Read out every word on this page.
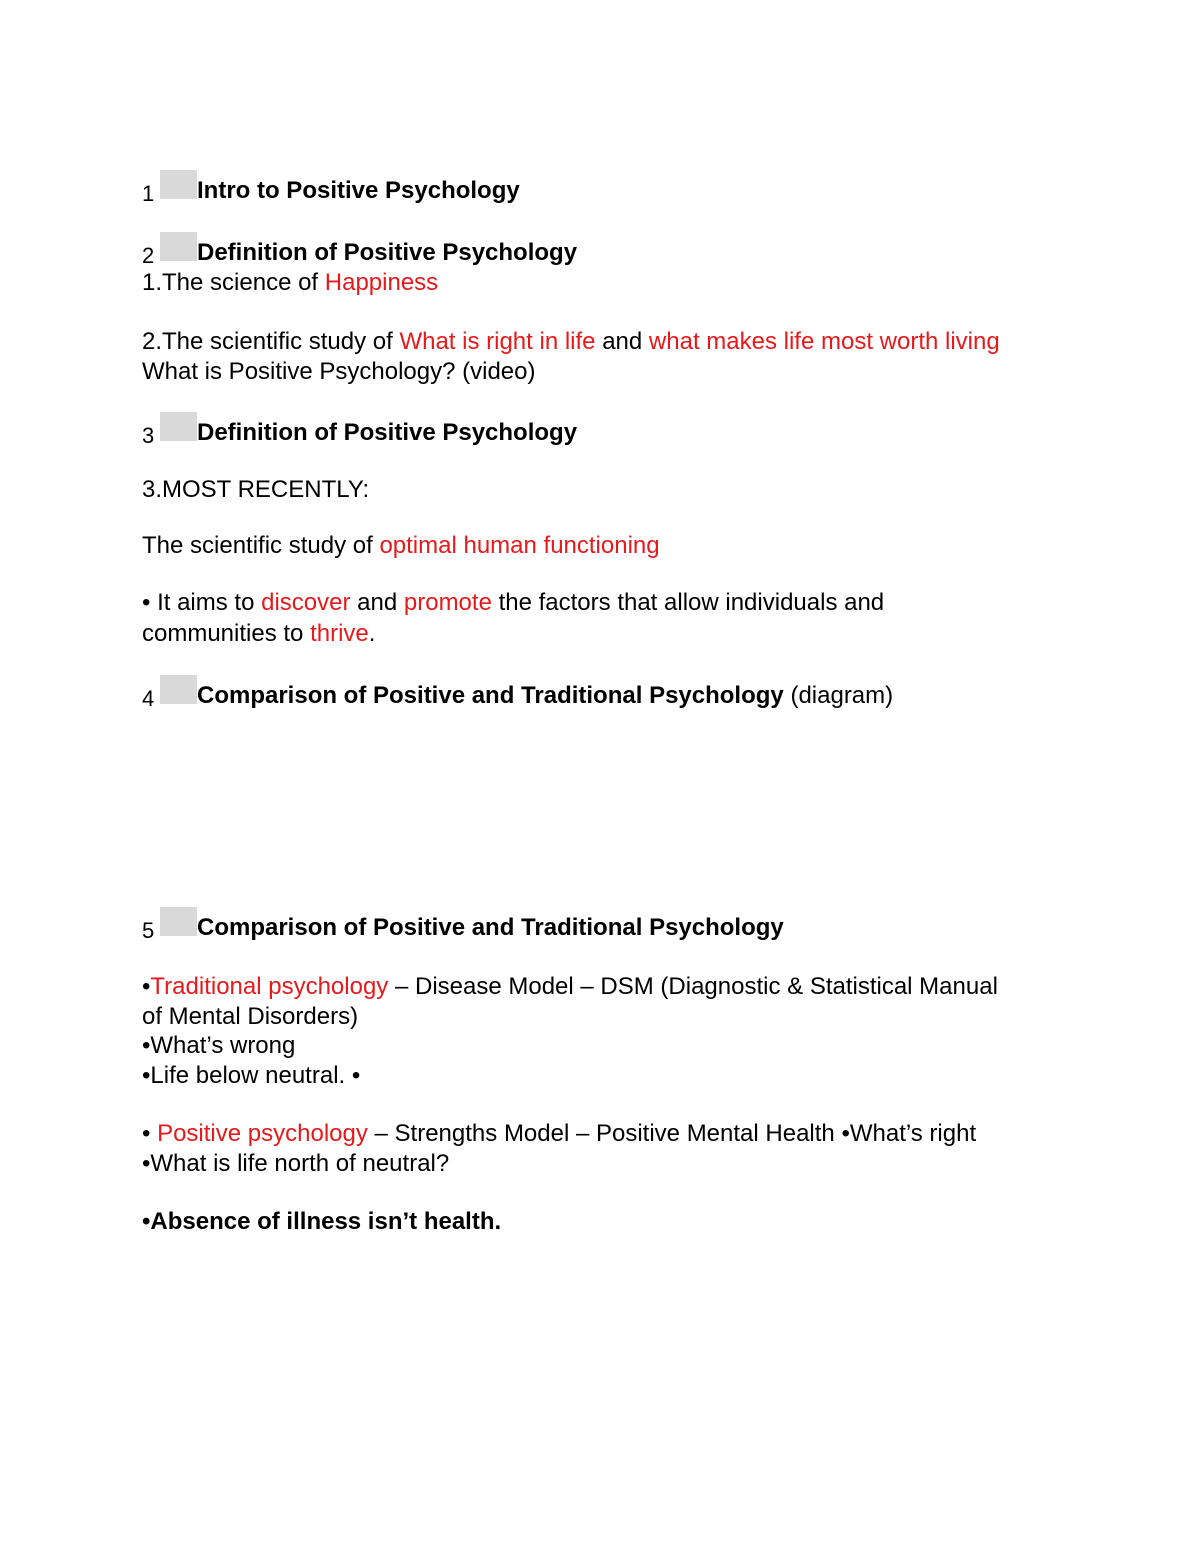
1 Intro to Positive Psychology
2 Definition of Positive Psychology
1.The science of Happiness
2.The scientific study of What is right in life and what makes life most worth living
What is Positive Psychology? (video)
3 Definition of Positive Psychology
3.MOST RECENTLY:
The scientific study of optimal human functioning
• It aims to discover and promote the factors that allow individuals and
communities to thrive.
4 Comparison of Positive and Traditional Psychology (diagram)
5 Comparison of Positive and Traditional Psychology
•Traditional psychology – Disease Model – DSM (Diagnostic & Statistical Manual
of Mental Disorders)
•What’s wrong
•Life below neutral. •
• Positive psychology – Strengths Model – Positive Mental Health •What’s right
•What is life north of neutral?
•Absence of illness isn’t health.
